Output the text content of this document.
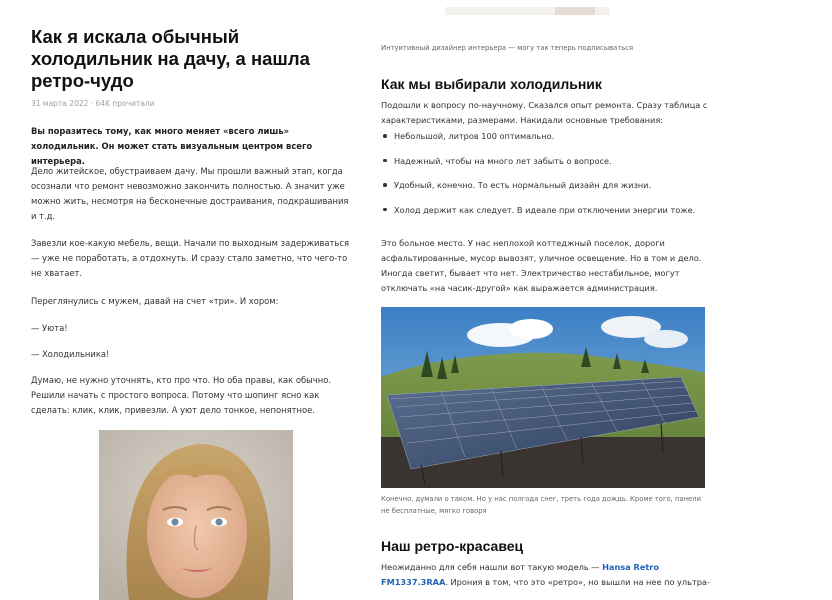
Как я искала обычный холодильник на дачу, а нашла ретро-чудо
31 марта 2022 · 64K прочитали

Вы поразитесь тому, как много меняет «всего лишь» холодильник. Он может стать визуальным центром всего интерьера.

Дело житейское, обустраиваем дачу. Мы прошли важный этап, когда осознали что ремонт невозможно закончить полностью. А значит уже можно жить, несмотря на бесконечные достраивания, подкрашивания и т.д.

Завезли кое-какую мебель, вещи. Начали по выходным задерживаться — уже не поработать, а отдохнуть. И сразу стало заметно, что чего-то не хватает.

Переглянулись с мужем, давай на счет «три». И хором:

— Уюта!

— Холодильника!

Думаю, не нужно уточнять, кто про что. Но оба правы, как обычно. Решили начать с простого вопроса. Потому что шопинг ясно как сделать: клик, клик, привезли. А уют дело тонкое, непонятное.

Интуитивный дизайнер интерьера — могу так теперь подписываться

Как мы выбирали холодильник

Подошли к вопросу по-научному. Сказался опыт ремонта. Сразу таблица с характеристиками, размерами. Накидали основные требования:

Небольшой, литров 100 оптимально.
Надежный, чтобы на много лет забыть о вопросе.
Удобный, конечно. То есть нормальный дизайн для жизни.
Холод держит как следует. В идеале при отключении энергии тоже.

Это больное место. У нас неплохой коттеджный поселок, дороги асфальтированные, мусор вывозят, уличное освещение. Но в том и дело. Иногда светит, бывает что нет. Электричество нестабильное, могут отключать «на часик-другой» как выражается администрация.

Конечно, думали о таком. Но у нас полгода снег, треть года дождь. Кроме того, панели не бесплатные, мягко говоря

Наш ретро-красавец

Неожиданно для себя нашли вот такую модель — Hansa Retro FM1337.3RAA. Ирония в том, что это «ретро», но вышли на нее по ультра-
